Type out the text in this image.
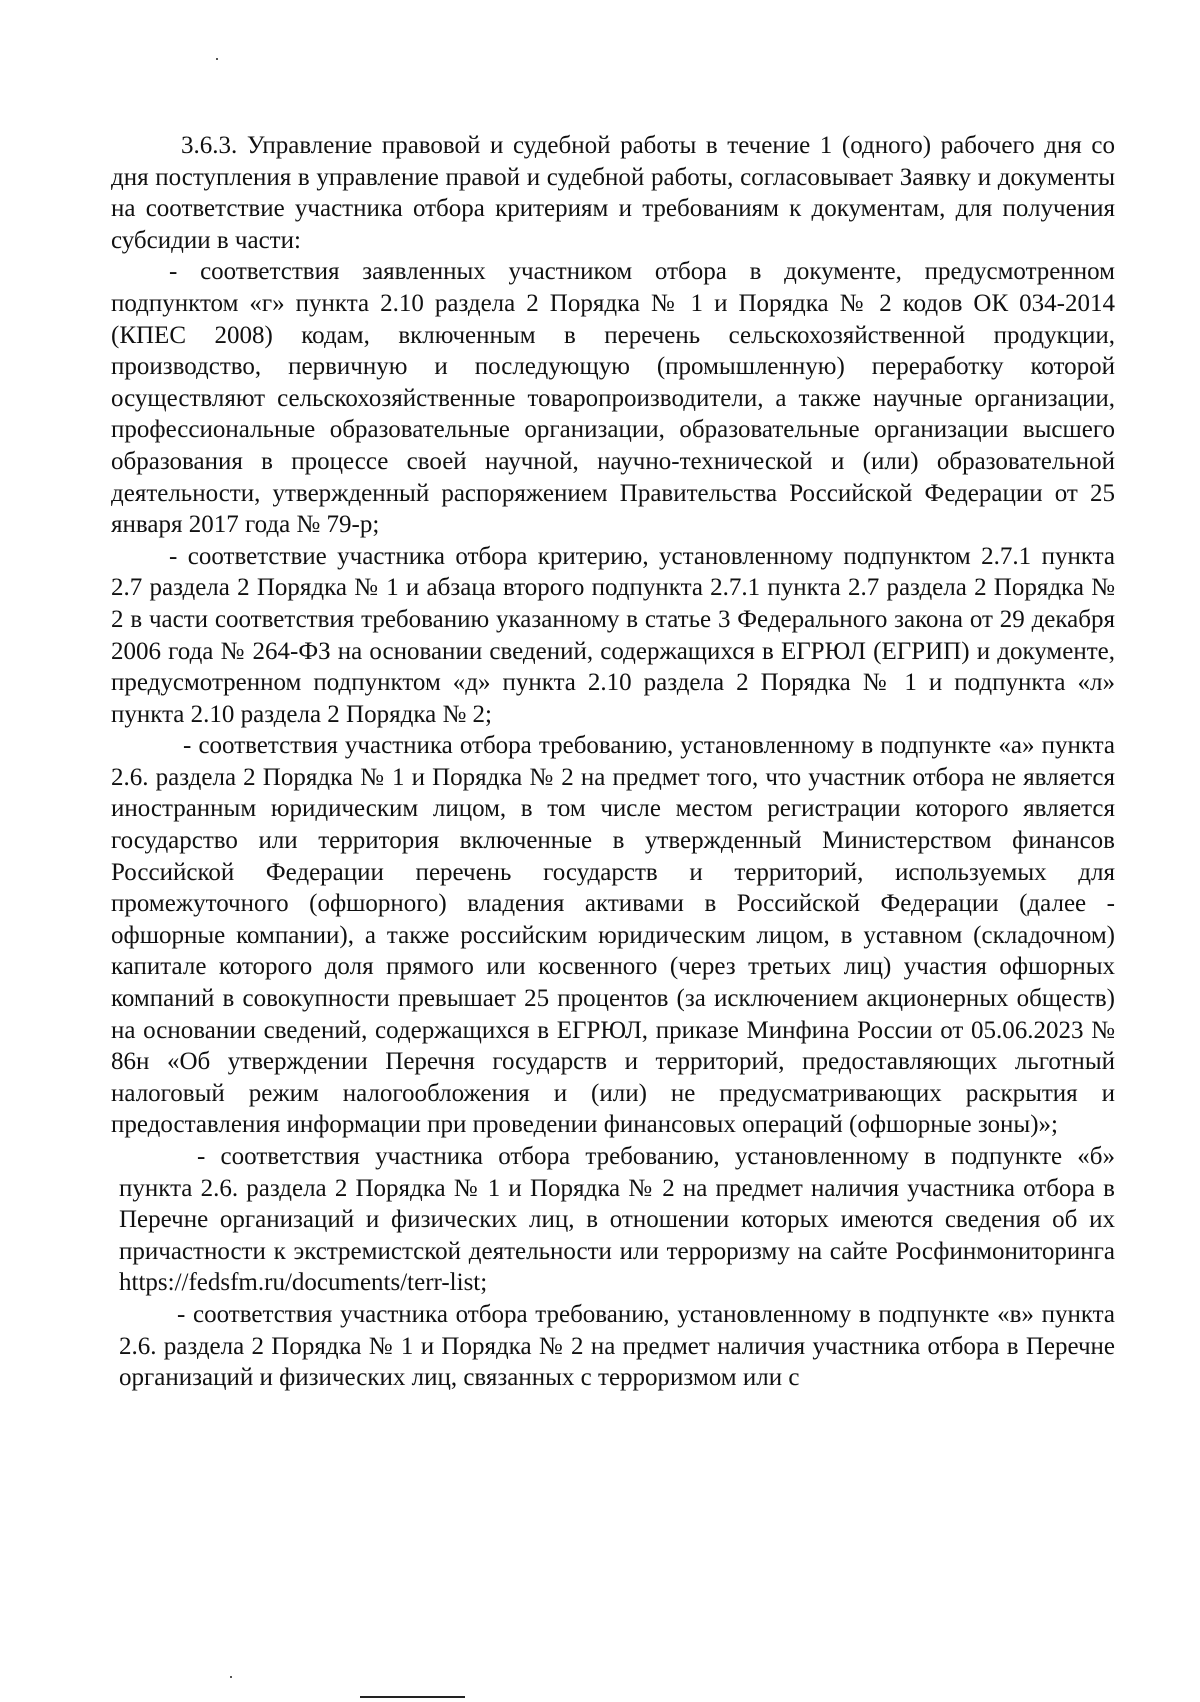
3.6.3. Управление правовой и судебной работы в течение 1 (одного) рабочего дня со дня поступления в управление правой и судебной работы, согласовывает Заявку и документы на соответствие участника отбора критериям и требованиям к документам, для получения субсидии в части:

- соответствия заявленных участником отбора в документе, предусмотренном подпунктом «г» пункта 2.10 раздела 2 Порядка № 1 и Порядка № 2 кодов ОК 034-2014 (КПЕС 2008) кодам, включенным в перечень сельскохозяйственной продукции, производство, первичную и последующую (промышленную) переработку которой осуществляют сельскохозяйственные товаропроизводители, а также научные организации, профессиональные образовательные организации, образовательные организации высшего образования в процессе своей научной, научно-технической и (или) образовательной деятельности, утвержденный распоряжением Правительства Российской Федерации от 25 января 2017 года № 79-р;

- соответствие участника отбора критерию, установленному подпунктом 2.7.1 пункта 2.7 раздела 2 Порядка № 1 и абзаца второго подпункта 2.7.1 пункта 2.7 раздела 2 Порядка № 2 в части соответствия требованию указанному в статье 3 Федерального закона от 29 декабря 2006 года № 264-ФЗ на основании сведений, содержащихся в ЕГРЮЛ (ЕГРИП) и документе, предусмотренном подпунктом «д» пункта 2.10 раздела 2 Порядка № 1 и подпункта «л» пункта 2.10 раздела 2 Порядка № 2;

- соответствия участника отбора требованию, установленному в подпункте «а» пункта 2.6. раздела 2 Порядка № 1 и Порядка № 2 на предмет того, что участник отбора не является иностранным юридическим лицом, в том числе местом регистрации которого является государство или территория включенные в утвержденный Министерством финансов Российской Федерации перечень государств и территорий, используемых для промежуточного (офшорного) владения активами в Российской Федерации (далее - офшорные компании), а также российским юридическим лицом, в уставном (складочном) капитале которого доля прямого или косвенного (через третьих лиц) участия офшорных компаний в совокупности превышает 25 процентов (за исключением акционерных обществ) на основании сведений, содержащихся в ЕГРЮЛ, приказе Минфина России от 05.06.2023 № 86н «Об утверждении Перечня государств и территорий, предоставляющих льготный налоговый режим налогообложения и (или) не предусматривающих раскрытия и предоставления информации при проведении финансовых операций (офшорные зоны)»;

- соответствия участника отбора требованию, установленному в подпункте «б» пункта 2.6. раздела 2 Порядка № 1 и Порядка № 2 на предмет наличия участника отбора в Перечне организаций и физических лиц, в отношении которых имеются сведения об их причастности к экстремистской деятельности или терроризму на сайте Росфинмониторинга https://fedsfm.ru/documents/terr-list;

- соответствия участника отбора требованию, установленному в подпункте «в» пункта 2.6. раздела 2 Порядка № 1 и Порядка № 2 на предмет наличия участника отбора в Перечне организаций и физических лиц, связанных с терроризмом или с
